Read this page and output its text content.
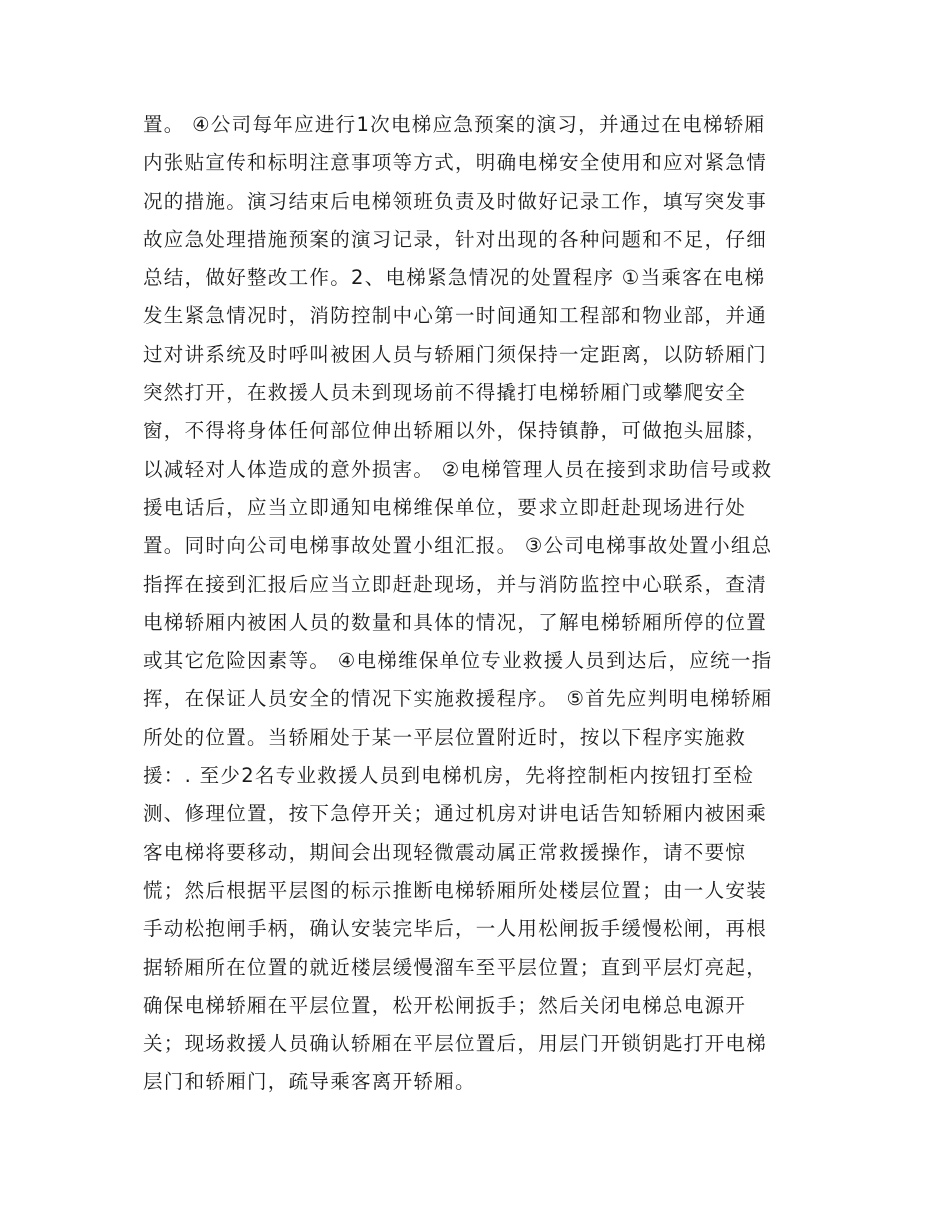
置。 ④公司每年应进行1次电梯应急预案的演习，并通过在电梯轿厢
内张贴宣传和标明注意事项等方式，明确电梯安全使用和应对紧急情
况的措施。演习结束后电梯领班负责及时做好记录工作，填写突发事
故应急处理措施预案的演习记录，针对出现的各种问题和不足，仔细
总结，做好整改工作。2、电梯紧急情况的处置程序 ①当乘客在电梯
发生紧急情况时，消防控制中心第一时间通知工程部和物业部，并通
过对讲系统及时呼叫被困人员与轿厢门须保持一定距离，以防轿厢门
突然打开，在救援人员未到现场前不得撬打电梯轿厢门或攀爬安全
窗，不得将身体任何部位伸出轿厢以外，保持镇静，可做抱头屈膝，
以减轻对人体造成的意外损害。 ②电梯管理人员在接到求助信号或救
援电话后，应当立即通知电梯维保单位，要求立即赶赴现场进行处
置。同时向公司电梯事故处置小组汇报。 ③公司电梯事故处置小组总
指挥在接到汇报后应当立即赶赴现场，并与消防监控中心联系，查清
电梯轿厢内被困人员的数量和具体的情况，了解电梯轿厢所停的位置
或其它危险因素等。 ④电梯维保单位专业救援人员到达后，应统一指
挥，在保证人员安全的情况下实施救援程序。 ⑤首先应判明电梯轿厢
所处的位置。当轿厢处于某一平层位置附近时，按以下程序实施救
援：. 至少2名专业救援人员到电梯机房，先将控制柜内按钮打至检
测、修理位置，按下急停开关；通过机房对讲电话告知轿厢内被困乘
客电梯将要移动，期间会出现轻微震动属正常救援操作，请不要惊
慌；然后根据平层图的标示推断电梯轿厢所处楼层位置；由一人安装
手动松抱闸手柄，确认安装完毕后，一人用松闸扳手缓慢松闸，再根
据轿厢所在位置的就近楼层缓慢溜车至平层位置；直到平层灯亮起，
确保电梯轿厢在平层位置，松开松闸扳手；然后关闭电梯总电源开
关；现场救援人员确认轿厢在平层位置后，用层门开锁钥匙打开电梯
层门和轿厢门，疏导乘客离开轿厢。
